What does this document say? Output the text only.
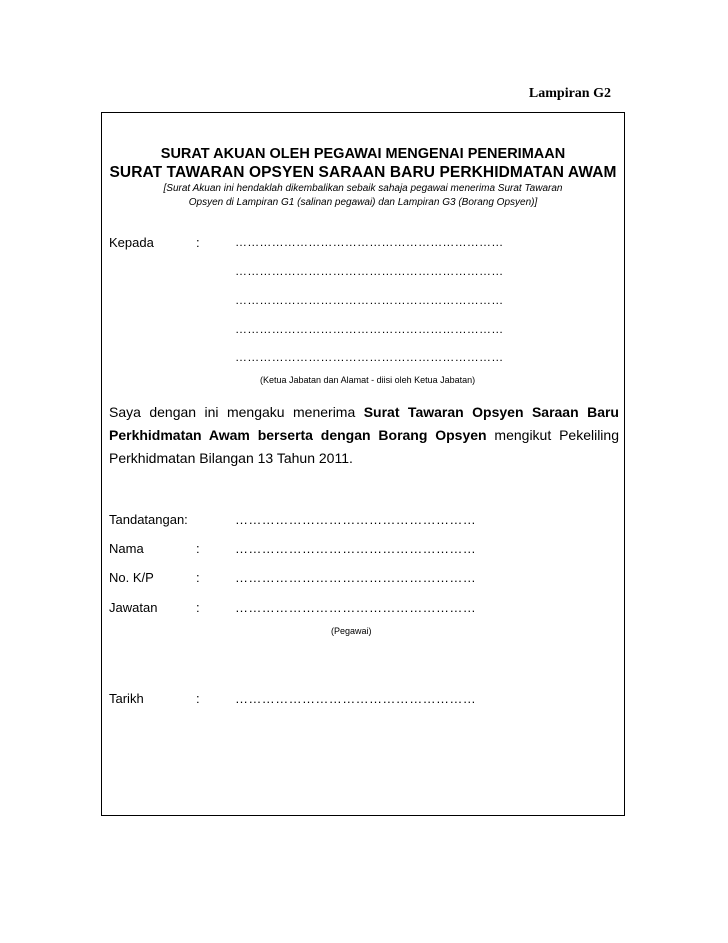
Lampiran G2
SURAT AKUAN OLEH PEGAWAI MENGENAI PENERIMAAN
SURAT TAWARAN OPSYEN SARAAN BARU PERKHIDMATAN AWAM
[Surat Akuan ini hendaklah dikembalikan sebaik sahaja pegawai menerima Surat Tawaran
Opsyen di Lampiran G1 (salinan pegawai) dan Lampiran G3 (Borang Opsyen)]
Kepada	:	…………………………………………………………
…………………………………………………………
…………………………………………………………
…………………………………………………………
…………………………………………………………
(Ketua Jabatan dan Alamat - diisi oleh Ketua Jabatan)
Saya dengan ini mengaku menerima Surat Tawaran Opsyen Saraan Baru Perkhidmatan Awam berserta dengan Borang Opsyen mengikut Pekeliling Perkhidmatan Bilangan 13 Tahun 2011.
Tandatangan:	………………………………………………
Nama	:	………………………………………………
No. K/P	:	………………………………………………
Jawatan	:	………………………………………………
(Pegawai)
Tarikh	:	………………………………………………
